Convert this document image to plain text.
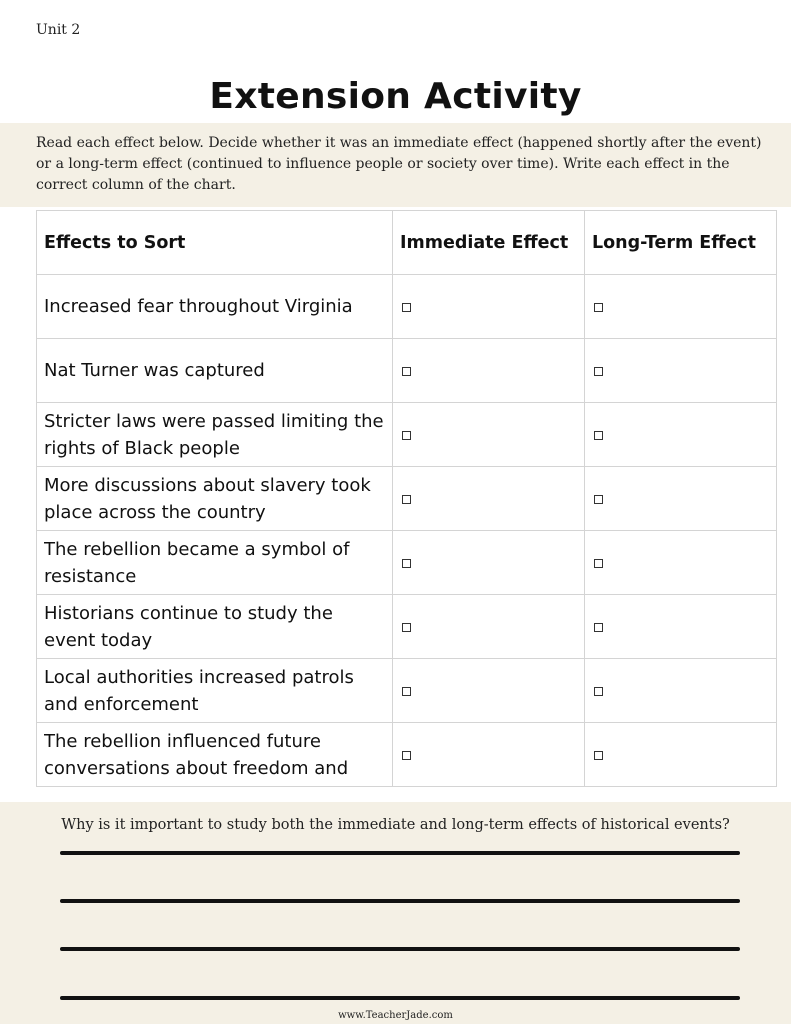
Unit 2
Extension Activity

Read each effect below. Decide whether it was an immediate effect (happened shortly after the event) or a long-term effect (continued to influence people or society over time). Write each effect in the correct column of the chart.

Effects to Sort	Immediate Effect	Long-Term Effect

Increased fear throughout Virginia		

Nat Turner was captured		

Stricter laws were passed limiting the rights of Black people		

More discussions about slavery took place across the country		

The rebellion became a symbol of resistance		

Historians continue to study the event today		

Local authorities increased patrols and enforcement		

The rebellion influenced future conversations about freedom and		

Why is it important to study both the immediate and long-term effects of historical events?

www.TeacherJade.com
